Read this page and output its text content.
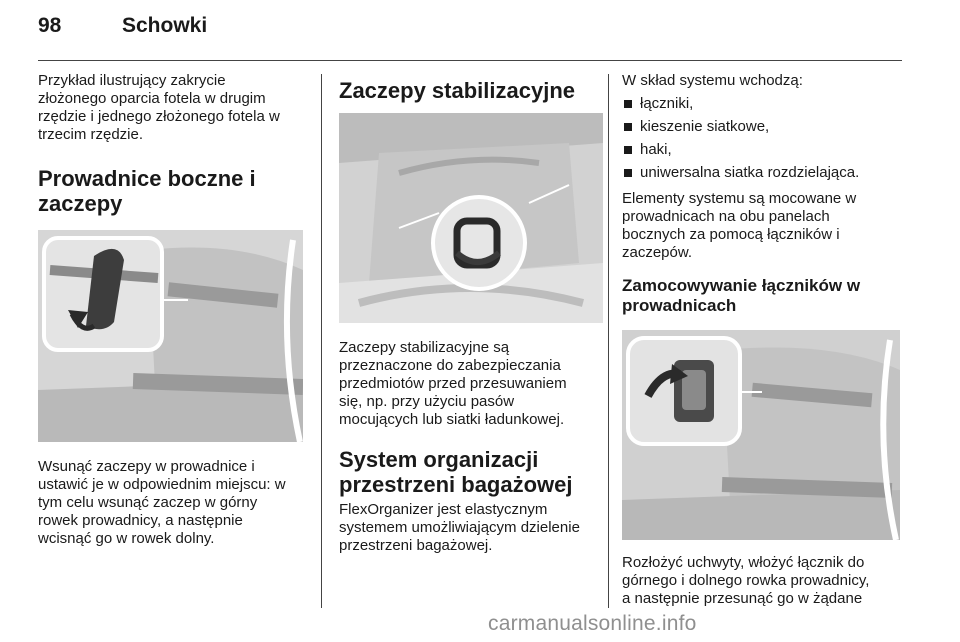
98	Schowki

Przykład ilustrujący zakrycie
złożonego oparcia fotela w drugim
rzędzie i jednego złożonego fotela w
trzecim rzędzie.

Prowadnice boczne i
zaczepy

Wsunąć zaczepy w prowadnice i
ustawić je w odpowiednim miejscu: w
tym celu wsunąć zaczep w górny
rowek prowadnicy, a następnie
wcisnąć go w rowek dolny.

Zaczepy stabilizacyjne

Zaczepy stabilizacyjne są
przeznaczone do zabezpieczania
przedmiotów przed przesuwaniem
się, np. przy użyciu pasów
mocujących lub siatki ładunkowej.

System organizacji
przestrzeni bagażowej

FlexOrganizer jest elastycznym
systemem umożliwiającym dzielenie
przestrzeni bagażowej.

W skład systemu wchodzą:

łączniki,
kieszenie siatkowe,
haki,
uniwersalna siatka rozdzielająca.

Elementy systemu są mocowane w
prowadnicach na obu panelach
bocznych za pomocą łączników i
zaczepów.

Zamocowywanie łączników w
prowadnicach

Rozłożyć uchwyty, włożyć łącznik do
górnego i dolnego rowka prowadnicy,
a następnie przesunąć go w żądane

carmanualsonline.info
